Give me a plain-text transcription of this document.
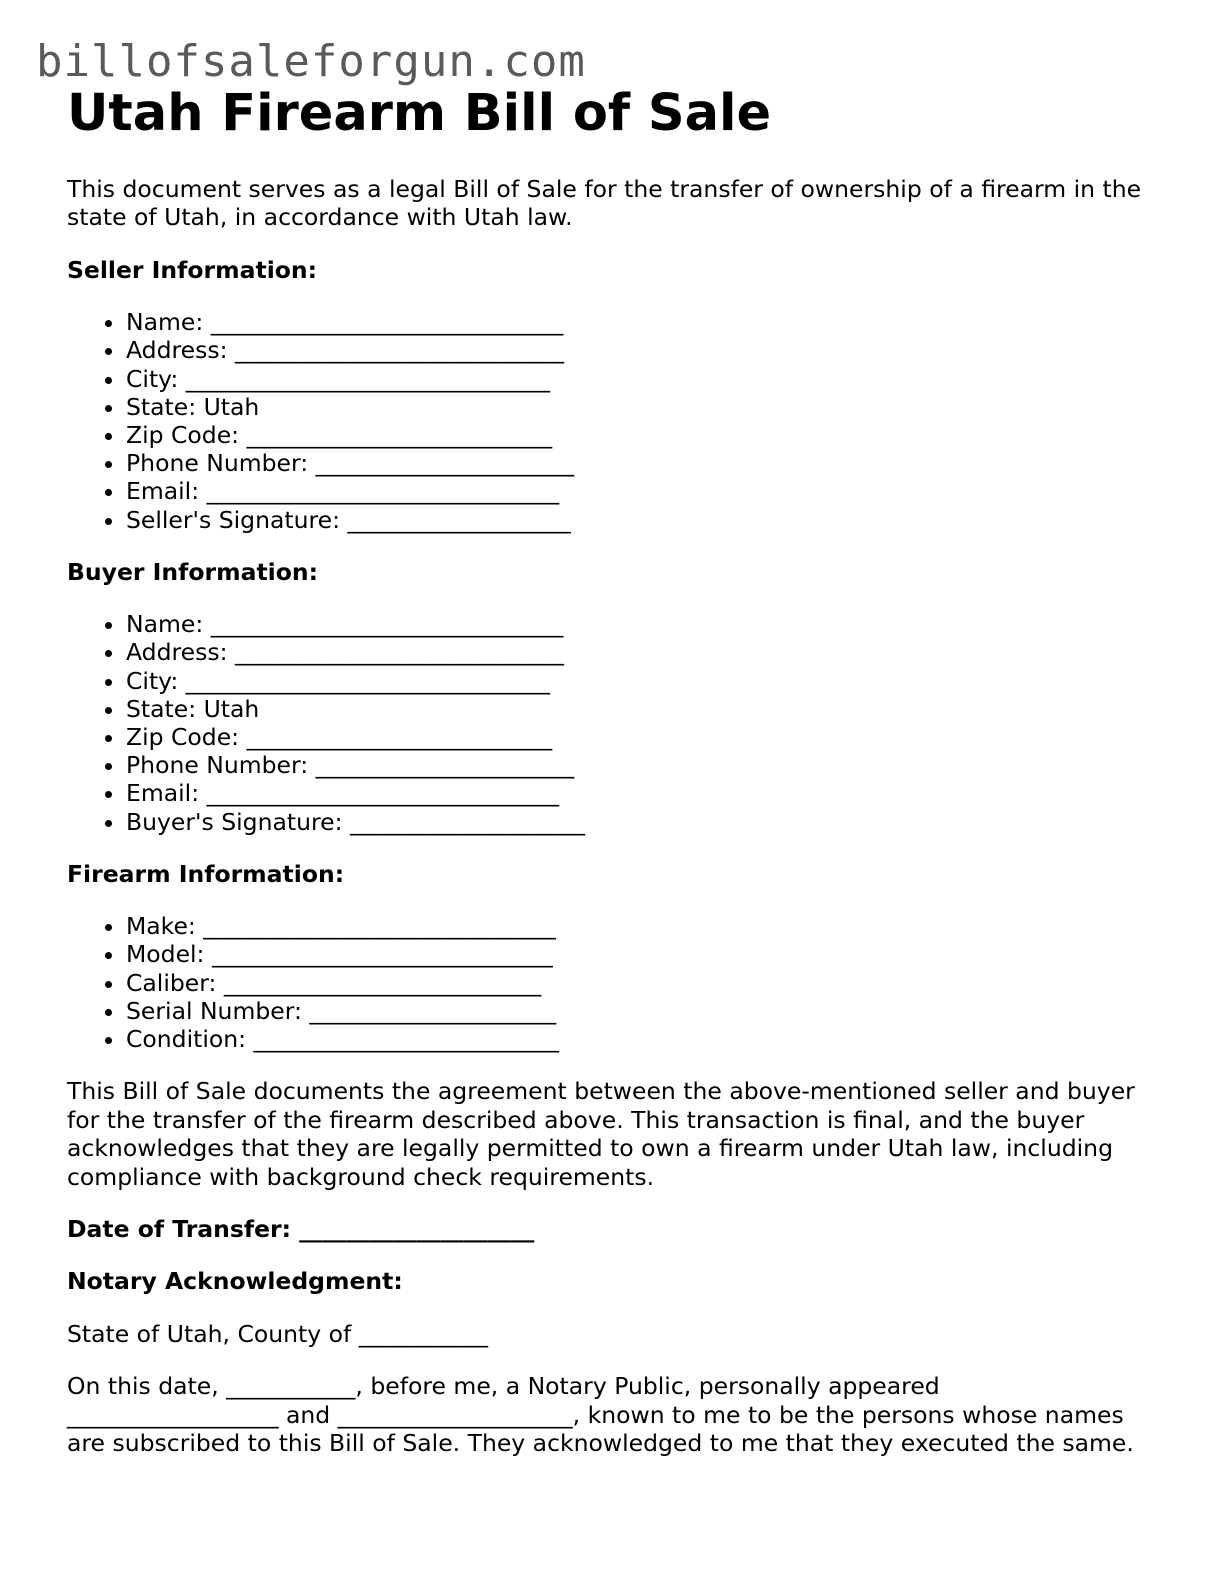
billofsaleforgun.com
Utah Firearm Bill of Sale

This document serves as a legal Bill of Sale for the transfer of ownership of a firearm in the state of Utah, in accordance with Utah law.

Seller Information:

• Name: ______________________________
• Address: ____________________________
• City: _______________________________
• State: Utah
• Zip Code: __________________________
• Phone Number: ______________________
• Email: ______________________________
• Seller's Signature: ___________________

Buyer Information:

• Name: ______________________________
• Address: ____________________________
• City: _______________________________
• State: Utah
• Zip Code: __________________________
• Phone Number: ______________________
• Email: ______________________________
• Buyer's Signature: ____________________

Firearm Information:

• Make: ______________________________
• Model: _____________________________
• Caliber: ___________________________
• Serial Number: _____________________
• Condition: __________________________

This Bill of Sale documents the agreement between the above-mentioned seller and buyer for the transfer of the firearm described above. This transaction is final, and the buyer acknowledges that they are legally permitted to own a firearm under Utah law, including compliance with background check requirements.

Date of Transfer: ____________________

Notary Acknowledgment:

State of Utah, County of ___________

On this date, ___________, before me, a Notary Public, personally appeared __________________ and ____________________, known to me to be the persons whose names are subscribed to this Bill of Sale. They acknowledged to me that they executed the same.
